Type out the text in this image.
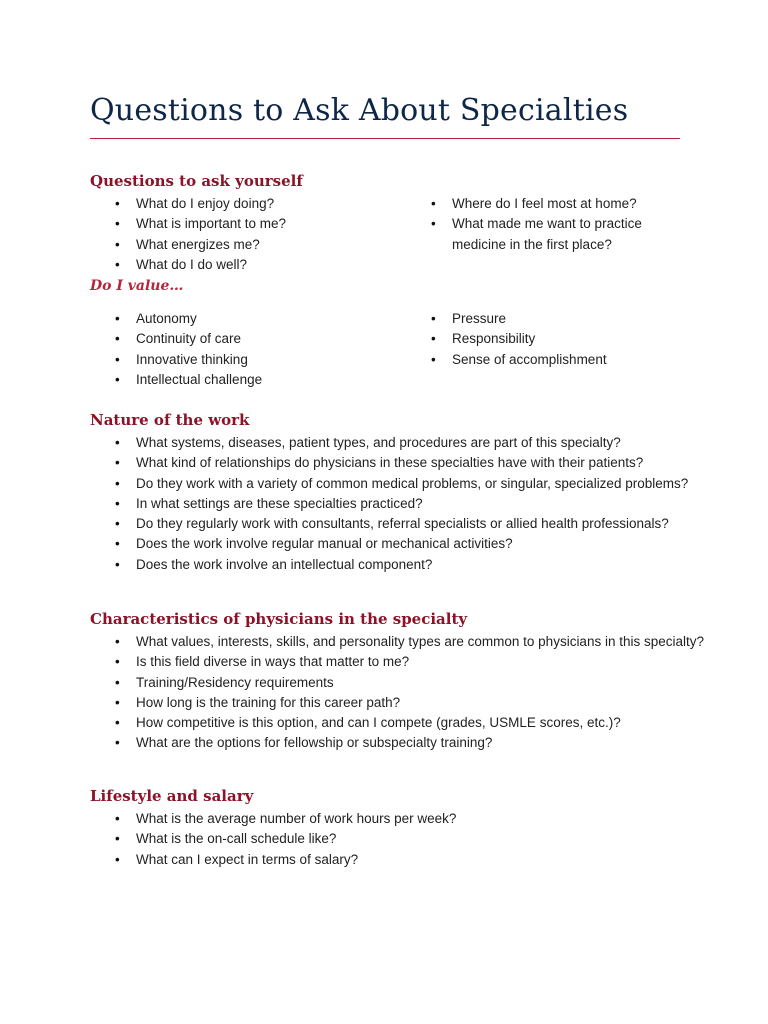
Questions to Ask About Specialties
Questions to ask yourself
• What do I enjoy doing?
• What is important to me?
• What energizes me?
• What do I do well?
• Where do I feel most at home?
• What made me want to practice medicine in the first place?
Do I value…
• Autonomy
• Continuity of care
• Innovative thinking
• Intellectual challenge
• Pressure
• Responsibility
• Sense of accomplishment
Nature of the work
• What systems, diseases, patient types, and procedures are part of this specialty?
• What kind of relationships do physicians in these specialties have with their patients?
• Do they work with a variety of common medical problems, or singular, specialized problems?
• In what settings are these specialties practiced?
• Do they regularly work with consultants, referral specialists or allied health professionals?
• Does the work involve regular manual or mechanical activities?
• Does the work involve an intellectual component?
Characteristics of physicians in the specialty
• What values, interests, skills, and personality types are common to physicians in this specialty?
• Is this field diverse in ways that matter to me?
• Training/Residency requirements
• How long is the training for this career path?
• How competitive is this option, and can I compete (grades, USMLE scores, etc.)?
• What are the options for fellowship or subspecialty training?
Lifestyle and salary
• What is the average number of work hours per week?
• What is the on-call schedule like?
• What can I expect in terms of salary?
